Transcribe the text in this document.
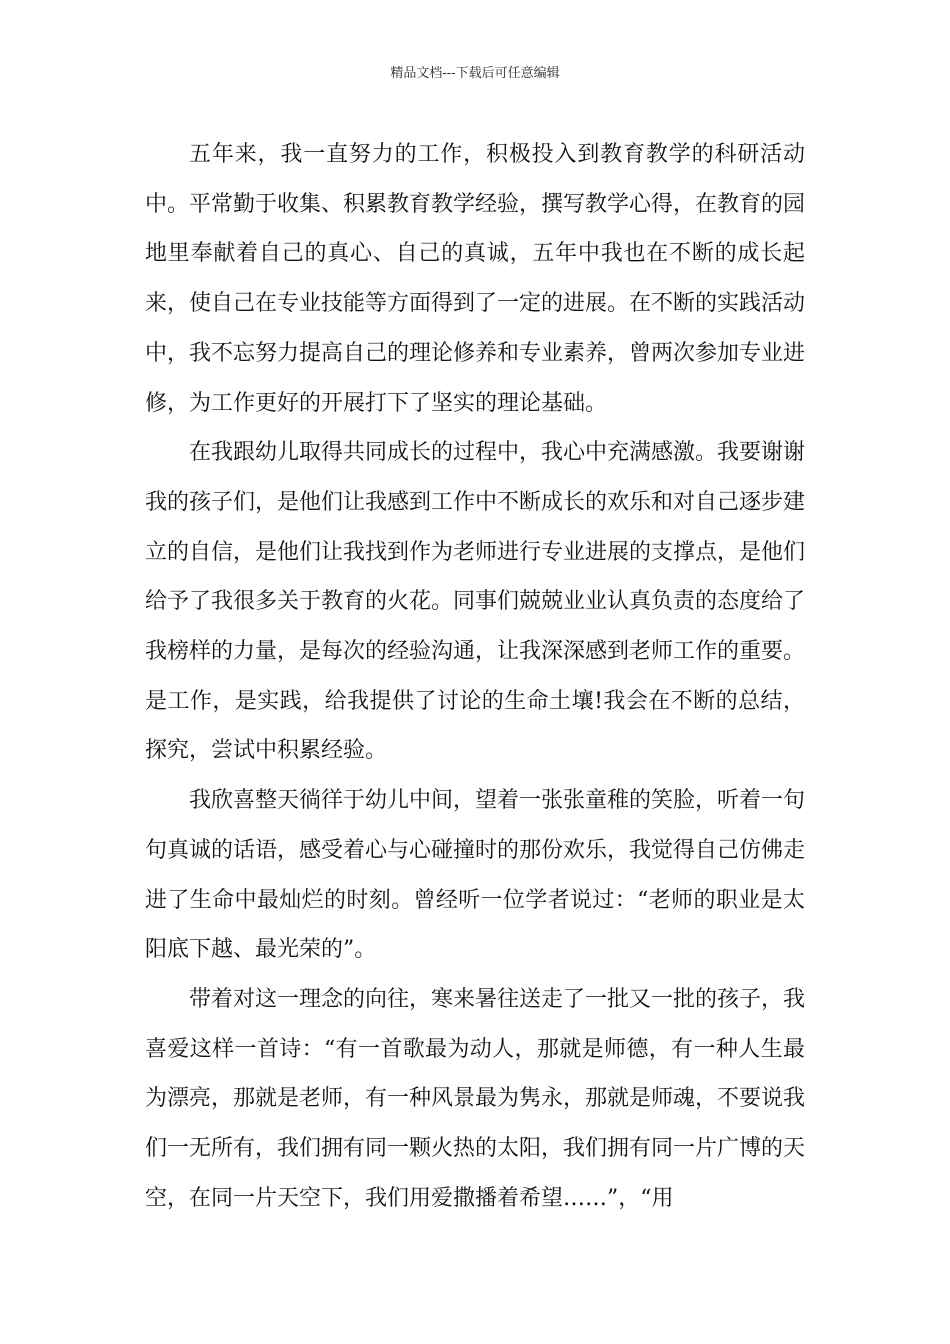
精品文档---下载后可任意编辑

五年来，我一直努力的工作，积极投入到教育教学的科研活动中。平常勤于收集、积累教育教学经验，撰写教学心得，在教育的园地里奉献着自己的真心、自己的真诚，五年中我也在不断的成长起来，使自己在专业技能等方面得到了一定的进展。在不断的实践活动中，我不忘努力提高自己的理论修养和专业素养，曾两次参加专业进修，为工作更好的开展打下了坚实的理论基础。

在我跟幼儿取得共同成长的过程中，我心中充满感激。我要谢谢我的孩子们，是他们让我感到工作中不断成长的欢乐和对自己逐步建立的自信，是他们让我找到作为老师进行专业进展的支撑点，是他们给予了我很多关于教育的火花。同事们兢兢业业认真负责的态度给了我榜样的力量，是每次的经验沟通，让我深深感到老师工作的重要。是工作，是实践，给我提供了讨论的生命土壤!我会在不断的总结，探究，尝试中积累经验。

我欣喜整天徜徉于幼儿中间，望着一张张童稚的笑脸，听着一句句真诚的话语，感受着心与心碰撞时的那份欢乐，我觉得自己仿佛走进了生命中最灿烂的时刻。曾经听一位学者说过：“老师的职业是太阳底下越、最光荣的”。

带着对这一理念的向往，寒来暑往送走了一批又一批的孩子，我喜爱这样一首诗：“有一首歌最为动人，那就是师德，有一种人生最为漂亮，那就是老师，有一种风景最为隽永，那就是师魂，不要说我们一无所有，我们拥有同一颗火热的太阳，我们拥有同一片广博的天空，在同一片天空下，我们用爱撒播着希望……”，“用
